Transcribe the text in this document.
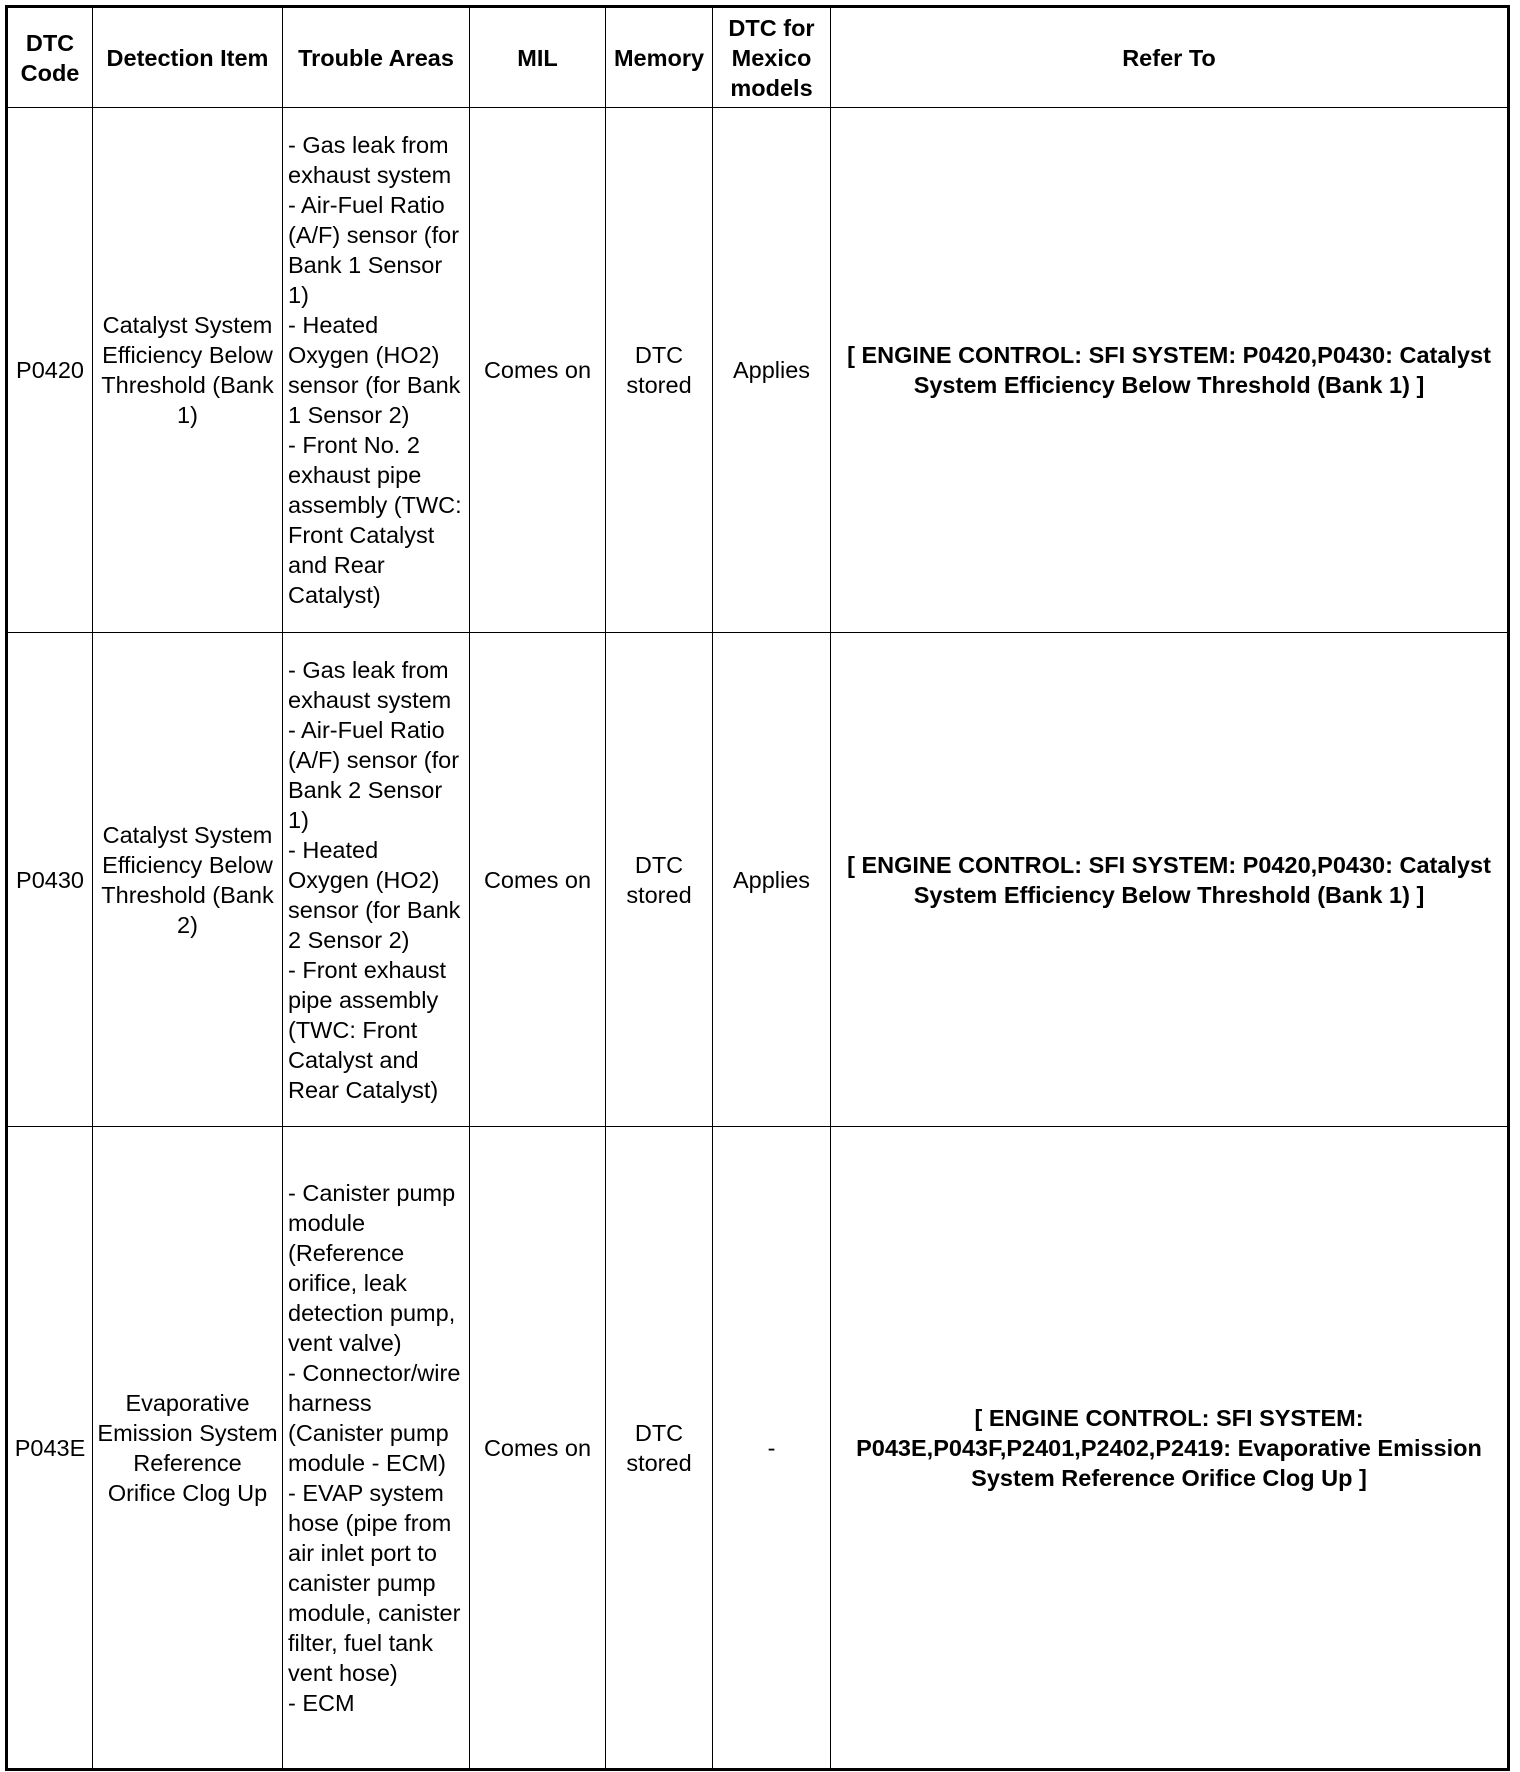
DTC Code	Detection Item	Trouble Areas	MIL	Memory	DTC for Mexico models	Refer To
P0420	Catalyst System Efficiency Below Threshold (Bank 1)	- Gas leak from exhaust system
- Air-Fuel Ratio (A/F) sensor (for Bank 1 Sensor 1)
- Heated Oxygen (HO2) sensor (for Bank 1 Sensor 2)
- Front No. 2 exhaust pipe assembly (TWC: Front Catalyst and Rear Catalyst)	Comes on	DTC stored	Applies	[ ENGINE CONTROL: SFI SYSTEM: P0420,P0430: Catalyst System Efficiency Below Threshold (Bank 1) ]
P0430	Catalyst System Efficiency Below Threshold (Bank 2)	- Gas leak from exhaust system
- Air-Fuel Ratio (A/F) sensor (for Bank 2 Sensor 1)
- Heated Oxygen (HO2) sensor (for Bank 2 Sensor 2)
- Front exhaust pipe assembly (TWC: Front Catalyst and Rear Catalyst)	Comes on	DTC stored	Applies	[ ENGINE CONTROL: SFI SYSTEM: P0420,P0430: Catalyst System Efficiency Below Threshold (Bank 1) ]
P043E	Evaporative Emission System Reference Orifice Clog Up	- Canister pump module (Reference orifice, leak detection pump, vent valve)
- Connector/wire harness (Canister pump module - ECM)
- EVAP system hose (pipe from air inlet port to canister pump module, canister filter, fuel tank vent hose)
- ECM	Comes on	DTC stored	-	[ ENGINE CONTROL: SFI SYSTEM: P043E,P043F,P2401,P2402,P2419: Evaporative Emission System Reference Orifice Clog Up ]
